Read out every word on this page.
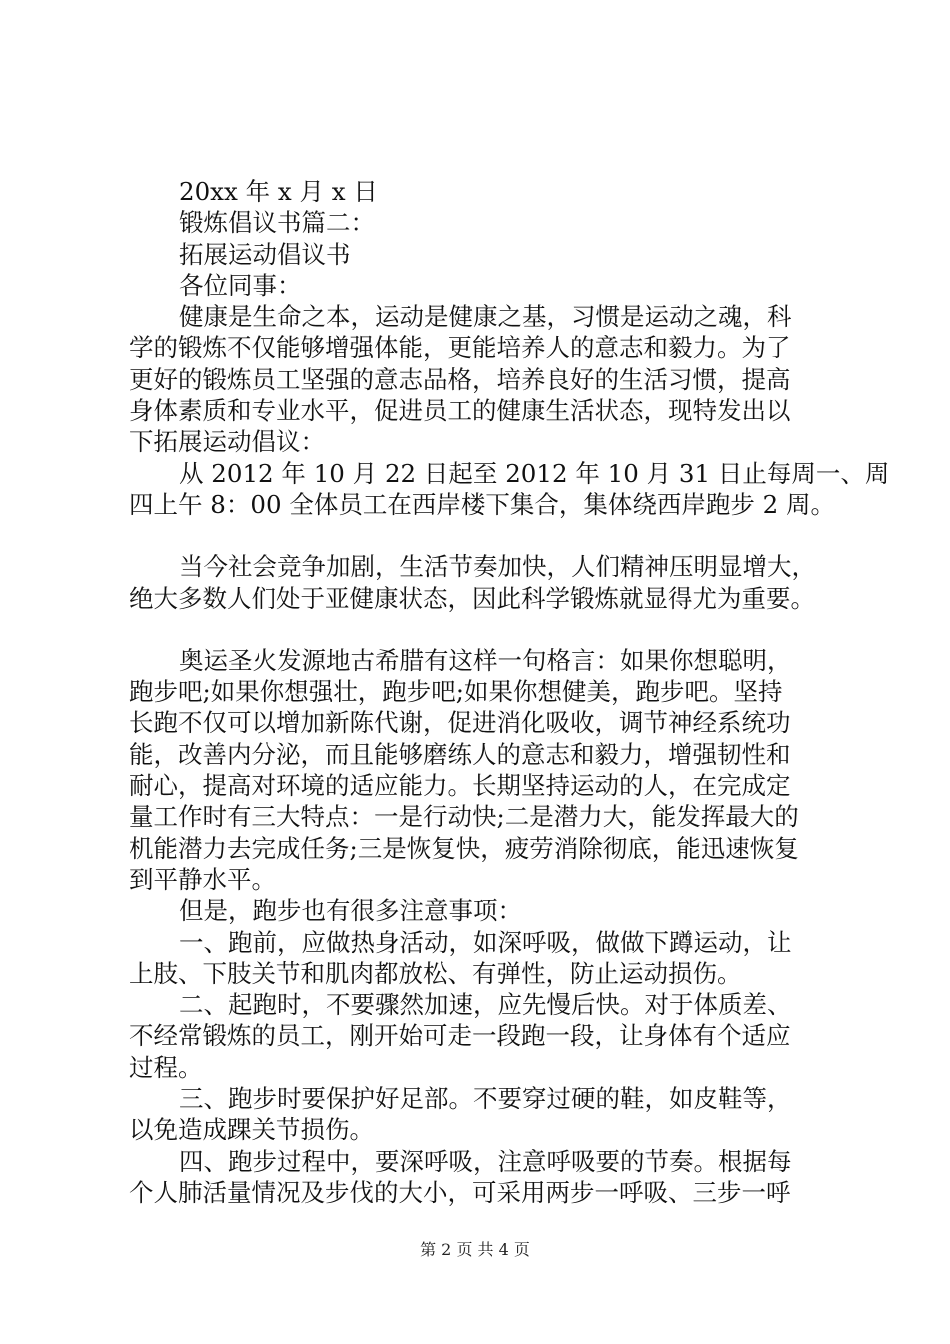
20xx 年 x 月 x 日

锻炼倡议书篇二：

拓展运动倡议书

各位同事：

健康是生命之本，运动是健康之基，习惯是运动之魂，科

学的锻炼不仅能够增强体能，更能培养人的意志和毅力。为了

更好的锻炼员工坚强的意志品格，培养良好的生活习惯，提高

身体素质和专业水平，促进员工的健康生活状态，现特发出以

下拓展运动倡议：

从 2012 年 10 月 22 日起至 2012 年 10 月 31 日止每周一、周

四上午 8：00 全体员工在西岸楼下集合，集体绕西岸跑步 2 周。

当今社会竞争加剧，生活节奏加快，人们精神压明显增大，

绝大多数人们处于亚健康状态，因此科学锻炼就显得尤为重要。

奥运圣火发源地古希腊有这样一句格言：如果你想聪明，

跑步吧;如果你想强壮，跑步吧;如果你想健美，跑步吧。坚持

长跑不仅可以增加新陈代谢，促进消化吸收，调节神经系统功

能，改善内分泌，而且能够磨练人的意志和毅力，增强韧性和

耐心，提高对环境的适应能力。长期坚持运动的人，在完成定

量工作时有三大特点：一是行动快;二是潜力大，能发挥最大的

机能潜力去完成任务;三是恢复快，疲劳消除彻底，能迅速恢复

到平静水平。

但是，跑步也有很多注意事项：

一、跑前，应做热身活动，如深呼吸，做做下蹲运动，让

上肢、下肢关节和肌肉都放松、有弹性，防止运动损伤。

二、起跑时，不要骤然加速，应先慢后快。对于体质差、

不经常锻炼的员工，刚开始可走一段跑一段，让身体有个适应

过程。

三、跑步时要保护好足部。不要穿过硬的鞋，如皮鞋等，

以免造成踝关节损伤。

四、跑步过程中，要深呼吸，注意呼吸要的节奏。根据每

个人肺活量情况及步伐的大小，可采用两步一呼吸、三步一呼

第 2 页 共 4 页
